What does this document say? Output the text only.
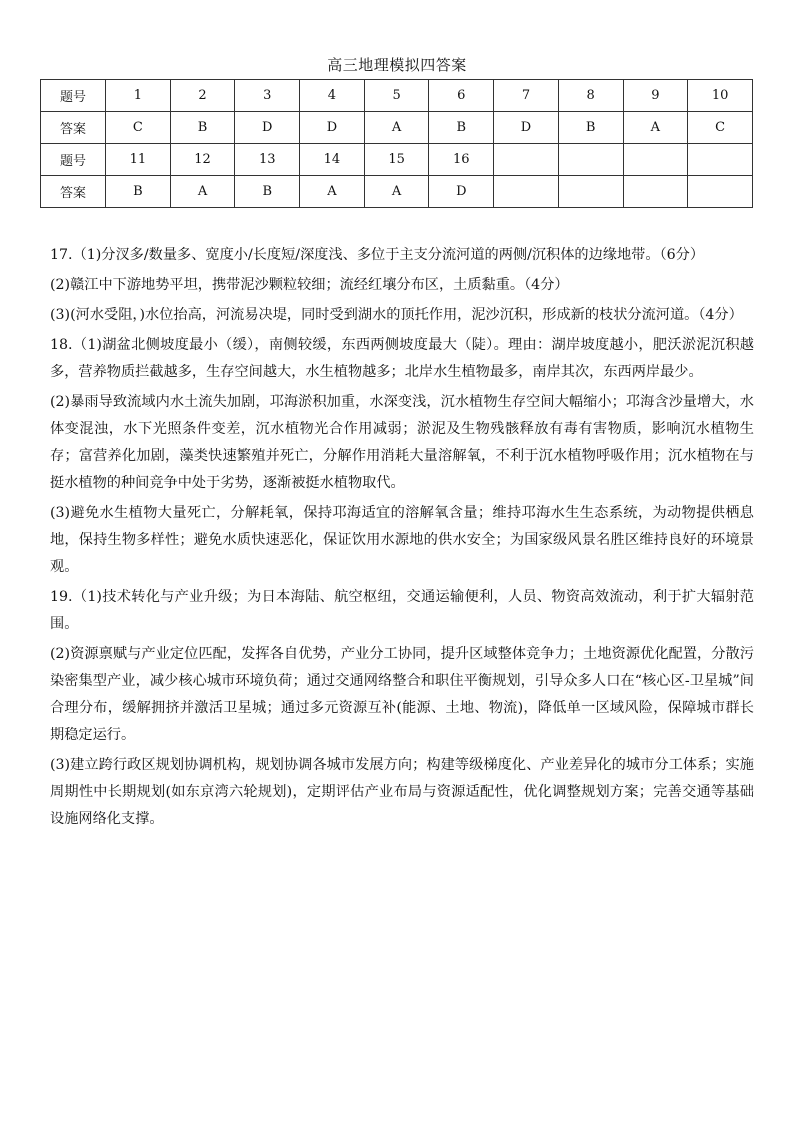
高三地理模拟四答案
题号	1	2	3	4	5	6	7	8	9	10
答案	C	B	D	D	A	B	D	B	A	C
题号	11	12	13	14	15	16				
答案	B	A	B	A	A	D				

17.（1)分汊多/数量多、宽度小/长度短/深度浅、多位于主支分流河道的两侧/沉积体的边缘地带。（6分）

(2)赣江中下游地势平坦，携带泥沙颗粒较细；流经红壤分布区，土质黏重。（4分）

(3)(河水受阻，)水位抬高，河流易决堤，同时受到湖水的顶托作用，泥沙沉积，形成新的枝状分流河道。（4分）

18.（1)湖盆北侧坡度最小（缓），南侧较缓，东西两侧坡度最大（陡）。理由：湖岸坡度越小，肥沃淤泥沉积越多，营养物质拦截越多，生存空间越大，水生植物越多；北岸水生植物最多，南岸其次，东西两岸最少。

(2)暴雨导致流域内水土流失加剧，邛海淤积加重，水深变浅，沉水植物生存空间大幅缩小；邛海含沙量增大，水体变混浊，水下光照条件变差，沉水植物光合作用减弱；淤泥及生物残骸释放有毒有害物质，影响沉水植物生存；富营养化加剧，藻类快速繁殖并死亡，分解作用消耗大量溶解氧，不利于沉水植物呼吸作用；沉水植物在与挺水植物的种间竞争中处于劣势，逐渐被挺水植物取代。

(3)避免水生植物大量死亡，分解耗氧，保持邛海适宜的溶解氧含量；维持邛海水生生态系统，为动物提供栖息地，保持生物多样性；避免水质快速恶化，保证饮用水源地的供水安全；为国家级风景名胜区维持良好的环境景观。

19.（1)技术转化与产业升级；为日本海陆、航空枢纽，交通运输便利，人员、物资高效流动，利于扩大辐射范围。

(2)资源禀赋与产业定位匹配，发挥各自优势，产业分工协同，提升区域整体竞争力；土地资源优化配置，分散污染密集型产业，减少核心城市环境负荷；通过交通网络整合和职住平衡规划，引导众多人口在“核心区-卫星城”间合理分布，缓解拥挤并激活卫星城；通过多元资源互补(能源、土地、物流)，降低单一区域风险，保障城市群长期稳定运行。

(3)建立跨行政区规划协调机构，规划协调各城市发展方向；构建等级梯度化、产业差异化的城市分工体系；实施周期性中长期规划(如东京湾六轮规划)，定期评估产业布局与资源适配性，优化调整规划方案；完善交通等基础设施网络化支撑。
